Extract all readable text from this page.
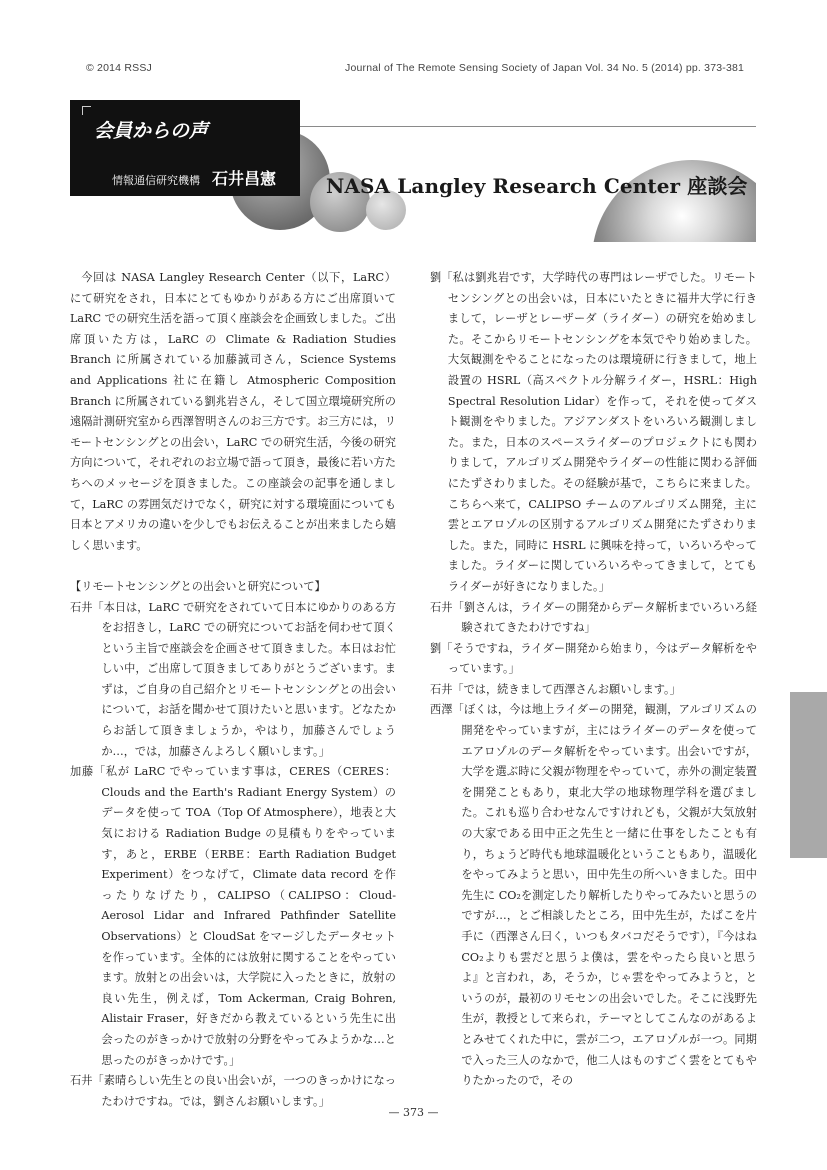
© 2014 RSSJ	Journal of The Remote Sensing Society of Japan Vol. 34 No. 5 (2014) pp. 373-381
会員からの声
情報通信研究機構 石井昌憲 NASA Langley Research Center 座談会

今回は NASA Langley Research Center（以下，LaRC）にて研究をされ，日本にとてもゆかりがある方にご出席頂いて LaRC での研究生活を語って頂く座談会を企画致しました。ご出席頂いた方は，LaRC の Climate & Radiation Studies Branch に所属されている加藤誠司さん，Science Systems and Applications 社に在籍し Atmospheric Composition Branch に所属されている劉兆岩さん，そして国立環境研究所の遠隔計測研究室から西澤智明さんのお三方です。お三方には，リモートセンシングとの出会い，LaRC での研究生活，今後の研究方向について，それぞれのお立場で語って頂き，最後に若い方たちへのメッセージを頂きました。この座談会の記事を通しまして，LaRC の雰囲気だけでなく，研究に対する環境面についても日本とアメリカの違いを少しでもお伝えることが出来ましたら嬉しく思います。

【リモートセンシングとの出会いと研究について】

石井「本日は，LaRC で研究をされていて日本にゆかりのある方をお招きし，LaRC での研究についてお話を伺わせて頂くという主旨で座談会を企画させて頂きました。本日はお忙しい中，ご出席して頂きましてありがとうございます。まずは，ご自身の自己紹介とリモートセンシングとの出会いについて，お話を聞かせて頂けたいと思います。どなたからお話して頂きましょうか，やはり，加藤さんでしょうか…，では，加藤さんよろしく願いします。」

加藤「私が LaRC でやっています事は，CERES（CERES：Clouds and the Earth's Radiant Energy System）のデータを使って TOA（Top Of Atmosphere），地表と大気における Radiation Budge の見積もりをやっています，あと，ERBE（ERBE：Earth Radiation Budget Experiment）をつなげて，Climate data record を作ったりなげたり，CALIPSO（CALIPSO：Cloud-Aerosol Lidar and Infrared Pathfinder Satellite Observations）と CloudSat をマージしたデータセットを作っています。全体的には放射に関することをやっています。放射との出会いは，大学院に入ったときに，放射の良い先生，例えば，Tom Ackerman, Craig Bohren, Alistair Fraser，好きだから教えているという先生に出会ったのがきっかけで放射の分野をやってみようかな…と思ったのがきっかけです。」

石井「素晴らしい先生との良い出会いが，一つのきっかけになったわけですね。では，劉さんお願いします。」

劉「私は劉兆岩です，大学時代の専門はレーザでした。リモートセンシングとの出会いは，日本にいたときに福井大学に行きまして，レーザとレーザーダ（ライダー）の研究を始めました。そこからリモートセンシングを本気でやり始めました。大気観測をやることになったのは環境研に行きまして，地上設置の HSRL（高スペクトル分解ライダー，HSRL：High Spectral Resolution Lidar）を作って，それを使ってダスト観測をやりました。アジアンダストをいろいろ観測しました。また，日本のスペースライダーのプロジェクトにも関わりまして，アルゴリズム開発やライダーの性能に関わる評価にたずさわりました。その経験が基で，こちらに来ました。こちらへ来て，CALIPSO チームのアルゴリズム開発，主に雲とエアロゾルの区別するアルゴリズム開発にたずさわりました。また，同時に HSRL に興味を持って，いろいろやってました。ライダーに関していろいろやってきまして，とてもライダーが好きになりました。」

石井「劉さんは，ライダーの開発からデータ解析までいろいろ経験されてきたわけですね」

劉「そうですね，ライダー開発から始まり，今はデータ解析をやっています。」

石井「では，続きまして西澤さんお願いします。」

西澤「ぼくは，今は地上ライダーの開発，観測，アルゴリズムの開発をやっていますが，主にはライダーのデータを使ってエアロゾルのデータ解析をやっています。出会いですが，大学を選ぶ時に父親が物理をやっていて，赤外の測定装置を開発こともあり，東北大学の地球物理学科を選びました。これも巡り合わせなんですけれども，父親が大気放射の大家である田中正之先生と一緒に仕事をしたことも有り，ちょうど時代も地球温暖化ということもあり，温暖化をやってみようと思い，田中先生の所へいきました。田中先生に CO₂を測定したり解析したりやってみたいと思うのですが…，とご相談したところ，田中先生が，たばこを片手に（西澤さん曰く，いつもタバコだそうです），『今はね CO₂よりも雲だと思うよ僕は，雲をやったら良いと思うよ』と言われ，あ，そうか，じゃ雲をやってみようと，というのが，最初のリモセンの出会いでした。そこに浅野先生が，教授として来られ，テーマとしてこんなのがあるよとみせてくれた中に，雲が二つ，エアロゾルが一つ。同期で入った三人のなかで，他二人はものすごく雲をとてもやりたかったので，その

— 373 —
